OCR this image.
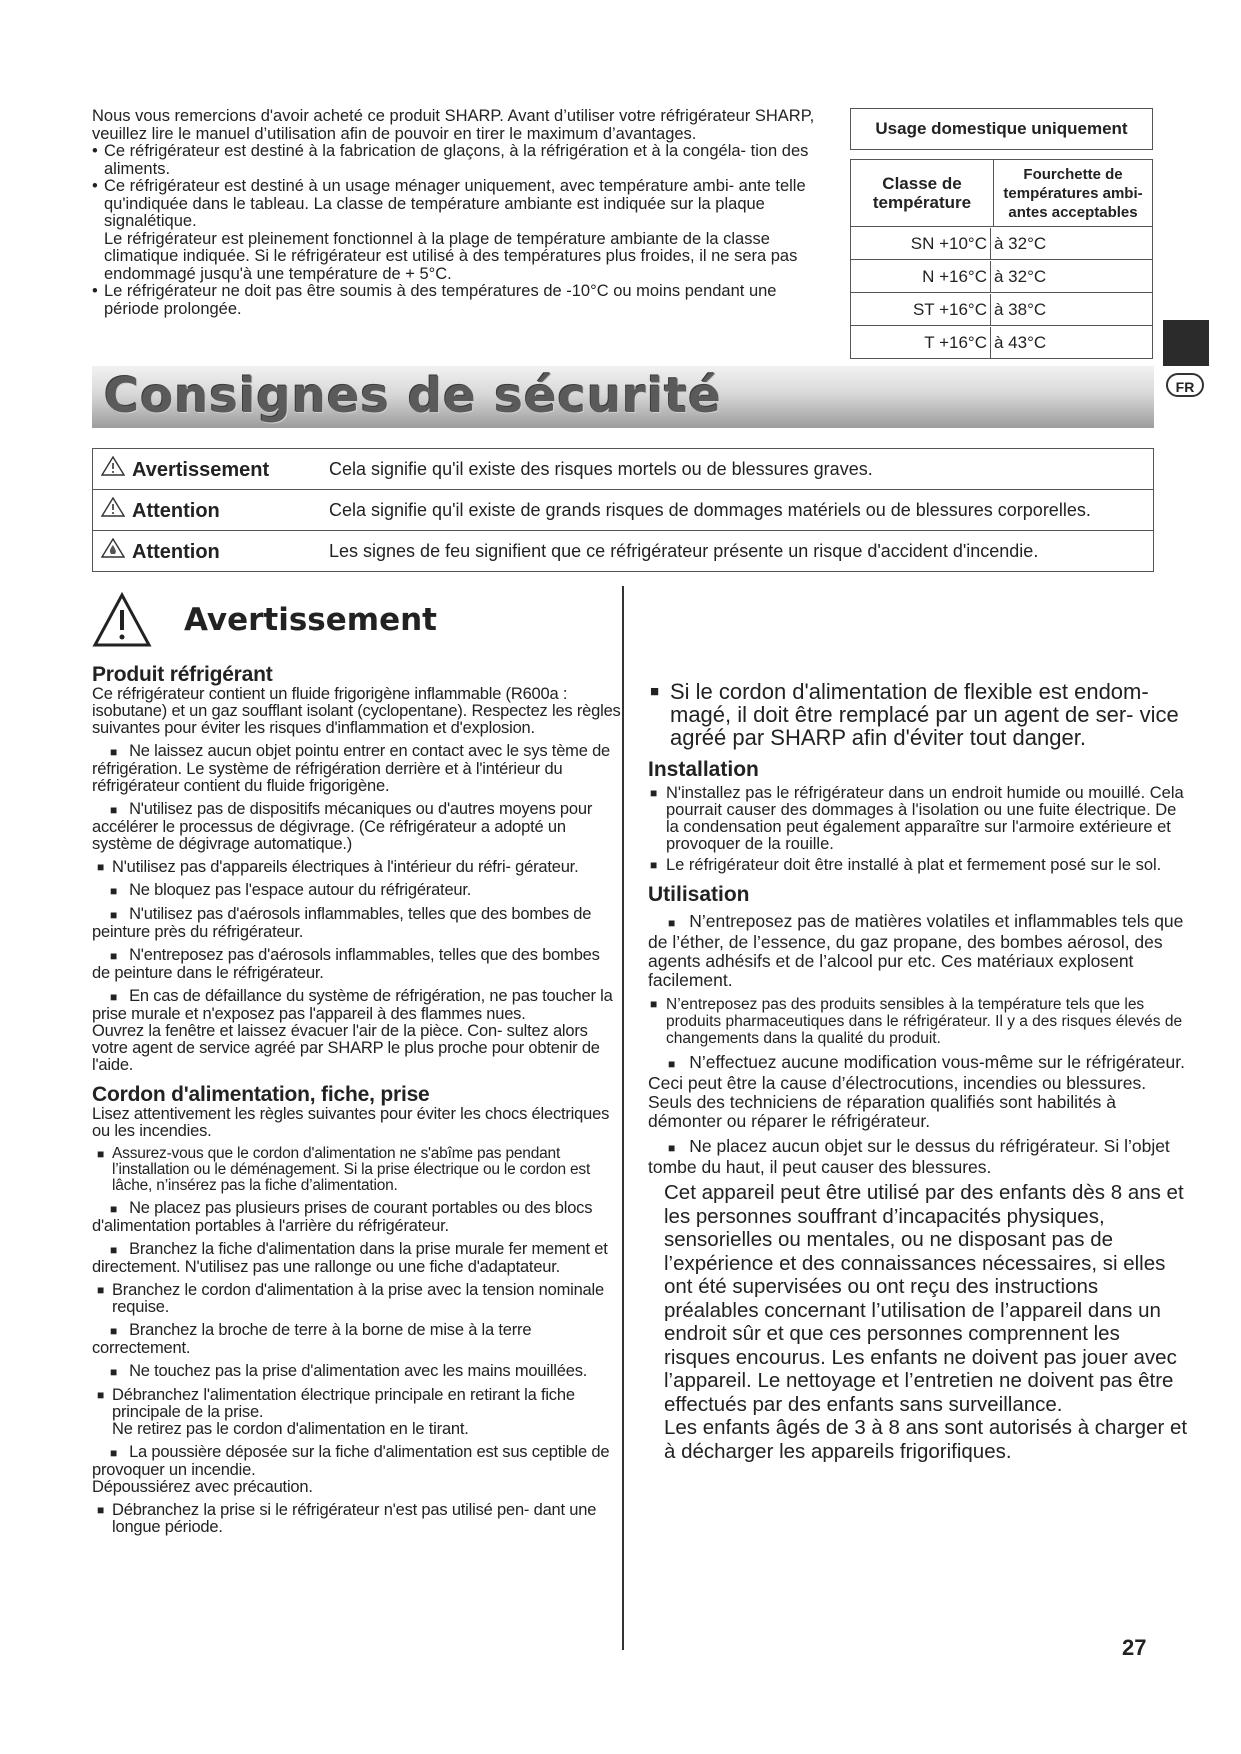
Nous vous remercions d'avoir acheté ce produit SHARP. Avant d’utiliser votre réfrigérateur SHARP, veuillez lire le manuel d’utilisation afin de pouvoir en tirer le maximum d’avantages.

• Ce réfrigérateur est destiné à la fabrication de glaçons, à la réfrigération et à la congéla- tion des aliments.
• Ce réfrigérateur est destiné à un usage ménager uniquement, avec température ambi- ante telle qu'indiquée dans le tableau. La classe de température ambiante est indiquée sur la plaque signalétique.
Le réfrigérateur est pleinement fonctionnel à la plage de température ambiante de la classe climatique indiquée. Si le réfrigérateur est utilisé à des températures plus froides, il ne sera pas endommagé jusqu'à une température de + 5°C.
• Le réfrigérateur ne doit pas être soumis à des températures de -10°C ou moins pendant une période prolongée.
Usage domestique uniquement
Classe de température	Fourchette de températures ambi- antes acceptables

SN +10°C à 32°C

N +16°C à 32°C

ST +16°C à 38°C

T +16°C à 43°C
FR
Consignes de sécurité
Avertissement	Cela signifie qu'il existe des risques mortels ou de blessures graves.
Attention	Cela signifie qu'il existe de grands risques de dommages matériels ou de blessures corporelles.
Attention	Les signes de feu signifient que ce réfrigérateur présente un risque d'accident d'incendie.
Avertissement
Produit réfrigérant

Ce réfrigérateur contient un fluide frigorigène inflammable (R600a : isobutane) et un gaz soufflant isolant (cyclopentane). Respectez les règles suivantes pour éviter les risques d'inflammation et d'explosion.

■ Ne laissez aucun objet pointu entrer en contact avec le sys tème de réfrigération. Le système de réfrigération derrière et à l'intérieur du réfrigérateur contient du fluide frigorigène.
■ N'utilisez pas de dispositifs mécaniques ou d'autres moyens pour accélérer le processus de dégivrage. (Ce réfrigérateur a adopté un système de dégivrage automatique.)
■ N'utilisez pas d'appareils électriques à l'intérieur du réfri- gérateur.
■ Ne bloquez pas l'espace autour du réfrigérateur.
■ N'utilisez pas d'aérosols inflammables, telles que des bombes de peinture près du réfrigérateur.
■ N'entreposez pas d'aérosols inflammables, telles que des bombes de peinture dans le réfrigérateur.
■ En cas de défaillance du système de réfrigération, ne pas toucher la prise murale et n'exposez pas l'appareil à des flammes nues.
Ouvrez la fenêtre et laissez évacuer l'air de la pièce. Con- sultez alors votre agent de service agréé par SHARP le plus proche pour obtenir de l'aide.
Cordon d'alimentation, fiche, prise

Lisez attentivement les règles suivantes pour éviter les chocs électriques ou les incendies.

■ Assurez-vous que le cordon d'alimentation ne s'abîme pas pendant l’installation ou le déménagement. Si la prise électrique ou le cordon est lâche, n’insérez pas la fiche d’alimentation.
■ Ne placez pas plusieurs prises de courant portables ou des blocs d'alimentation portables à l'arrière du réfrigérateur.
■ Branchez la fiche d'alimentation dans la prise murale fer mement et directement. N'utilisez pas une rallonge ou une fiche d'adaptateur.
■ Branchez le cordon d'alimentation à la prise avec la tension nominale requise.
■ Branchez la broche de terre à la borne de mise à la terre correctement.
■ Ne touchez pas la prise d'alimentation avec les mains mouillées.
■ Débranchez l'alimentation électrique principale en retirant la fiche principale de la prise.
Ne retirez pas le cordon d'alimentation en le tirant.
■ La poussière déposée sur la fiche d'alimentation est sus ceptible de provoquer un incendie.
Dépoussiérez avec précaution.
■ Débranchez la prise si le réfrigérateur n'est pas utilisé pen- dant une longue période.
■ Si le cordon d'alimentation de flexible est endom- magé, il doit être remplacé par un agent de ser- vice agréé par SHARP afin d'éviter tout danger.
Installation
■ N'installez pas le réfrigérateur dans un endroit humide ou mouillé. Cela pourrait causer des dommages à l'isolation ou une fuite électrique. De la condensation peut également apparaître sur l'armoire extérieure et provoquer de la rouille.
■ Le réfrigérateur doit être installé à plat et fermement posé sur le sol.
Utilisation
■ N’entreposez pas de matières volatiles et inflammables tels que de l’éther, de l’essence, du gaz propane, des bombes aérosol, des agents adhésifs et de l’alcool pur etc. Ces matériaux explosent facilement.
■ N’entreposez pas des produits sensibles à la température tels que les produits pharmaceutiques dans le réfrigérateur. Il y a des risques élevés de changements dans la qualité du produit.
■ N’effectuez aucune modification vous-même sur le réfrigérateur. Ceci peut être la cause d’électrocutions, incendies ou blessures. Seuls des techniciens de réparation qualifiés sont habilités à démonter ou réparer le réfrigérateur.
■ Ne placez aucun objet sur le dessus du réfrigérateur. Si l’objet tombe du haut, il peut causer des blessures.
Cet appareil peut être utilisé par des enfants dès 8 ans et les personnes souffrant d’incapacités physiques, sensorielles ou mentales, ou ne disposant pas de l’expérience et des connaissances nécessaires, si elles ont été supervisées ou ont reçu des instructions préalables concernant l’utilisation de l’appareil dans un endroit sûr et que ces personnes comprennent les risques encourus. Les enfants ne doivent pas jouer avec l’appareil. Le nettoyage et l’entretien ne doivent pas être effectués par des enfants sans surveillance.
Les enfants âgés de 3 à 8 ans sont autorisés à charger et à décharger les appareils frigorifiques.
27
